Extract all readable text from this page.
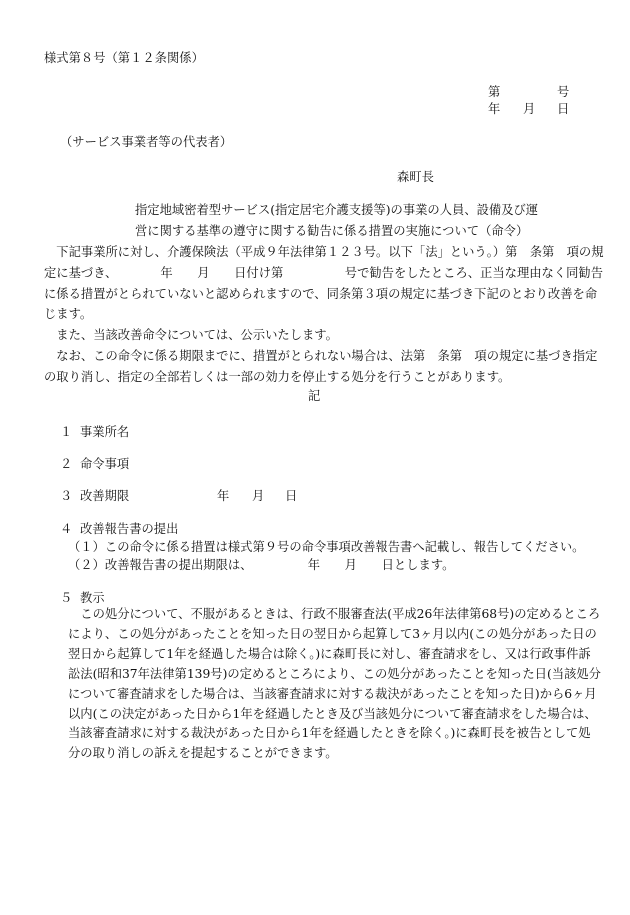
様式第８号（第１２条関係）
第	号
年 月 日
（サービス事業者等の代表者）
森町長
指定地域密着型サービス(指定居宅介護支援等)の事業の人員、設備及び運
営に関する基準の遵守に関する勧告に係る措置の実施について（命令）
　下記事業所に対し、介護保険法（平成９年法律第１２３号。以下「法」という。）第　条第　項の規
定に基づき、　　　　年　　月　　日付け第　　　　　号で勧告をしたところ、正当な理由なく同勧告
に係る措置がとられていないと認められますので、同条第３項の規定に基づき下記のとおり改善を命
じます。
　また、当該改善命令については、公示いたします。
　なお、この命令に係る期限までに、措置がとられない場合は、法第　条第　項の規定に基づき指定
の取り消し、指定の全部若しくは一部の効力を停止する処分を行うことがあります。
記
１ 事業所名
２ 命令事項
３ 改善期限	年 月 日
４ 改善報告書の提出
（１）この命令に係る措置は様式第９号の命令事項改善報告書へ記載し、報告してください。
（２）改善報告書の提出期限は、　　　　　年　　月　　日とします。
５ 教示
　この処分について、不服があるときは、行政不服審査法(平成26年法律第68号)の定めるところ
により、この処分があったことを知った日の翌日から起算して3ヶ月以内(この処分があった日の
翌日から起算して1年を経過した場合は除く。)に森町長に対し、審査請求をし、又は行政事件訴
訟法(昭和37年法律第139号)の定めるところにより、この処分があったことを知った日(当該処分
について審査請求をした場合は、当該審査請求に対する裁決があったことを知った日)から6ヶ月
以内(この決定があった日から1年を経過したとき及び当該処分について審査請求をした場合は、
当該審査請求に対する裁決があった日から1年を経過したときを除く。)に森町長を被告として処
分の取り消しの訴えを提起することができます。
